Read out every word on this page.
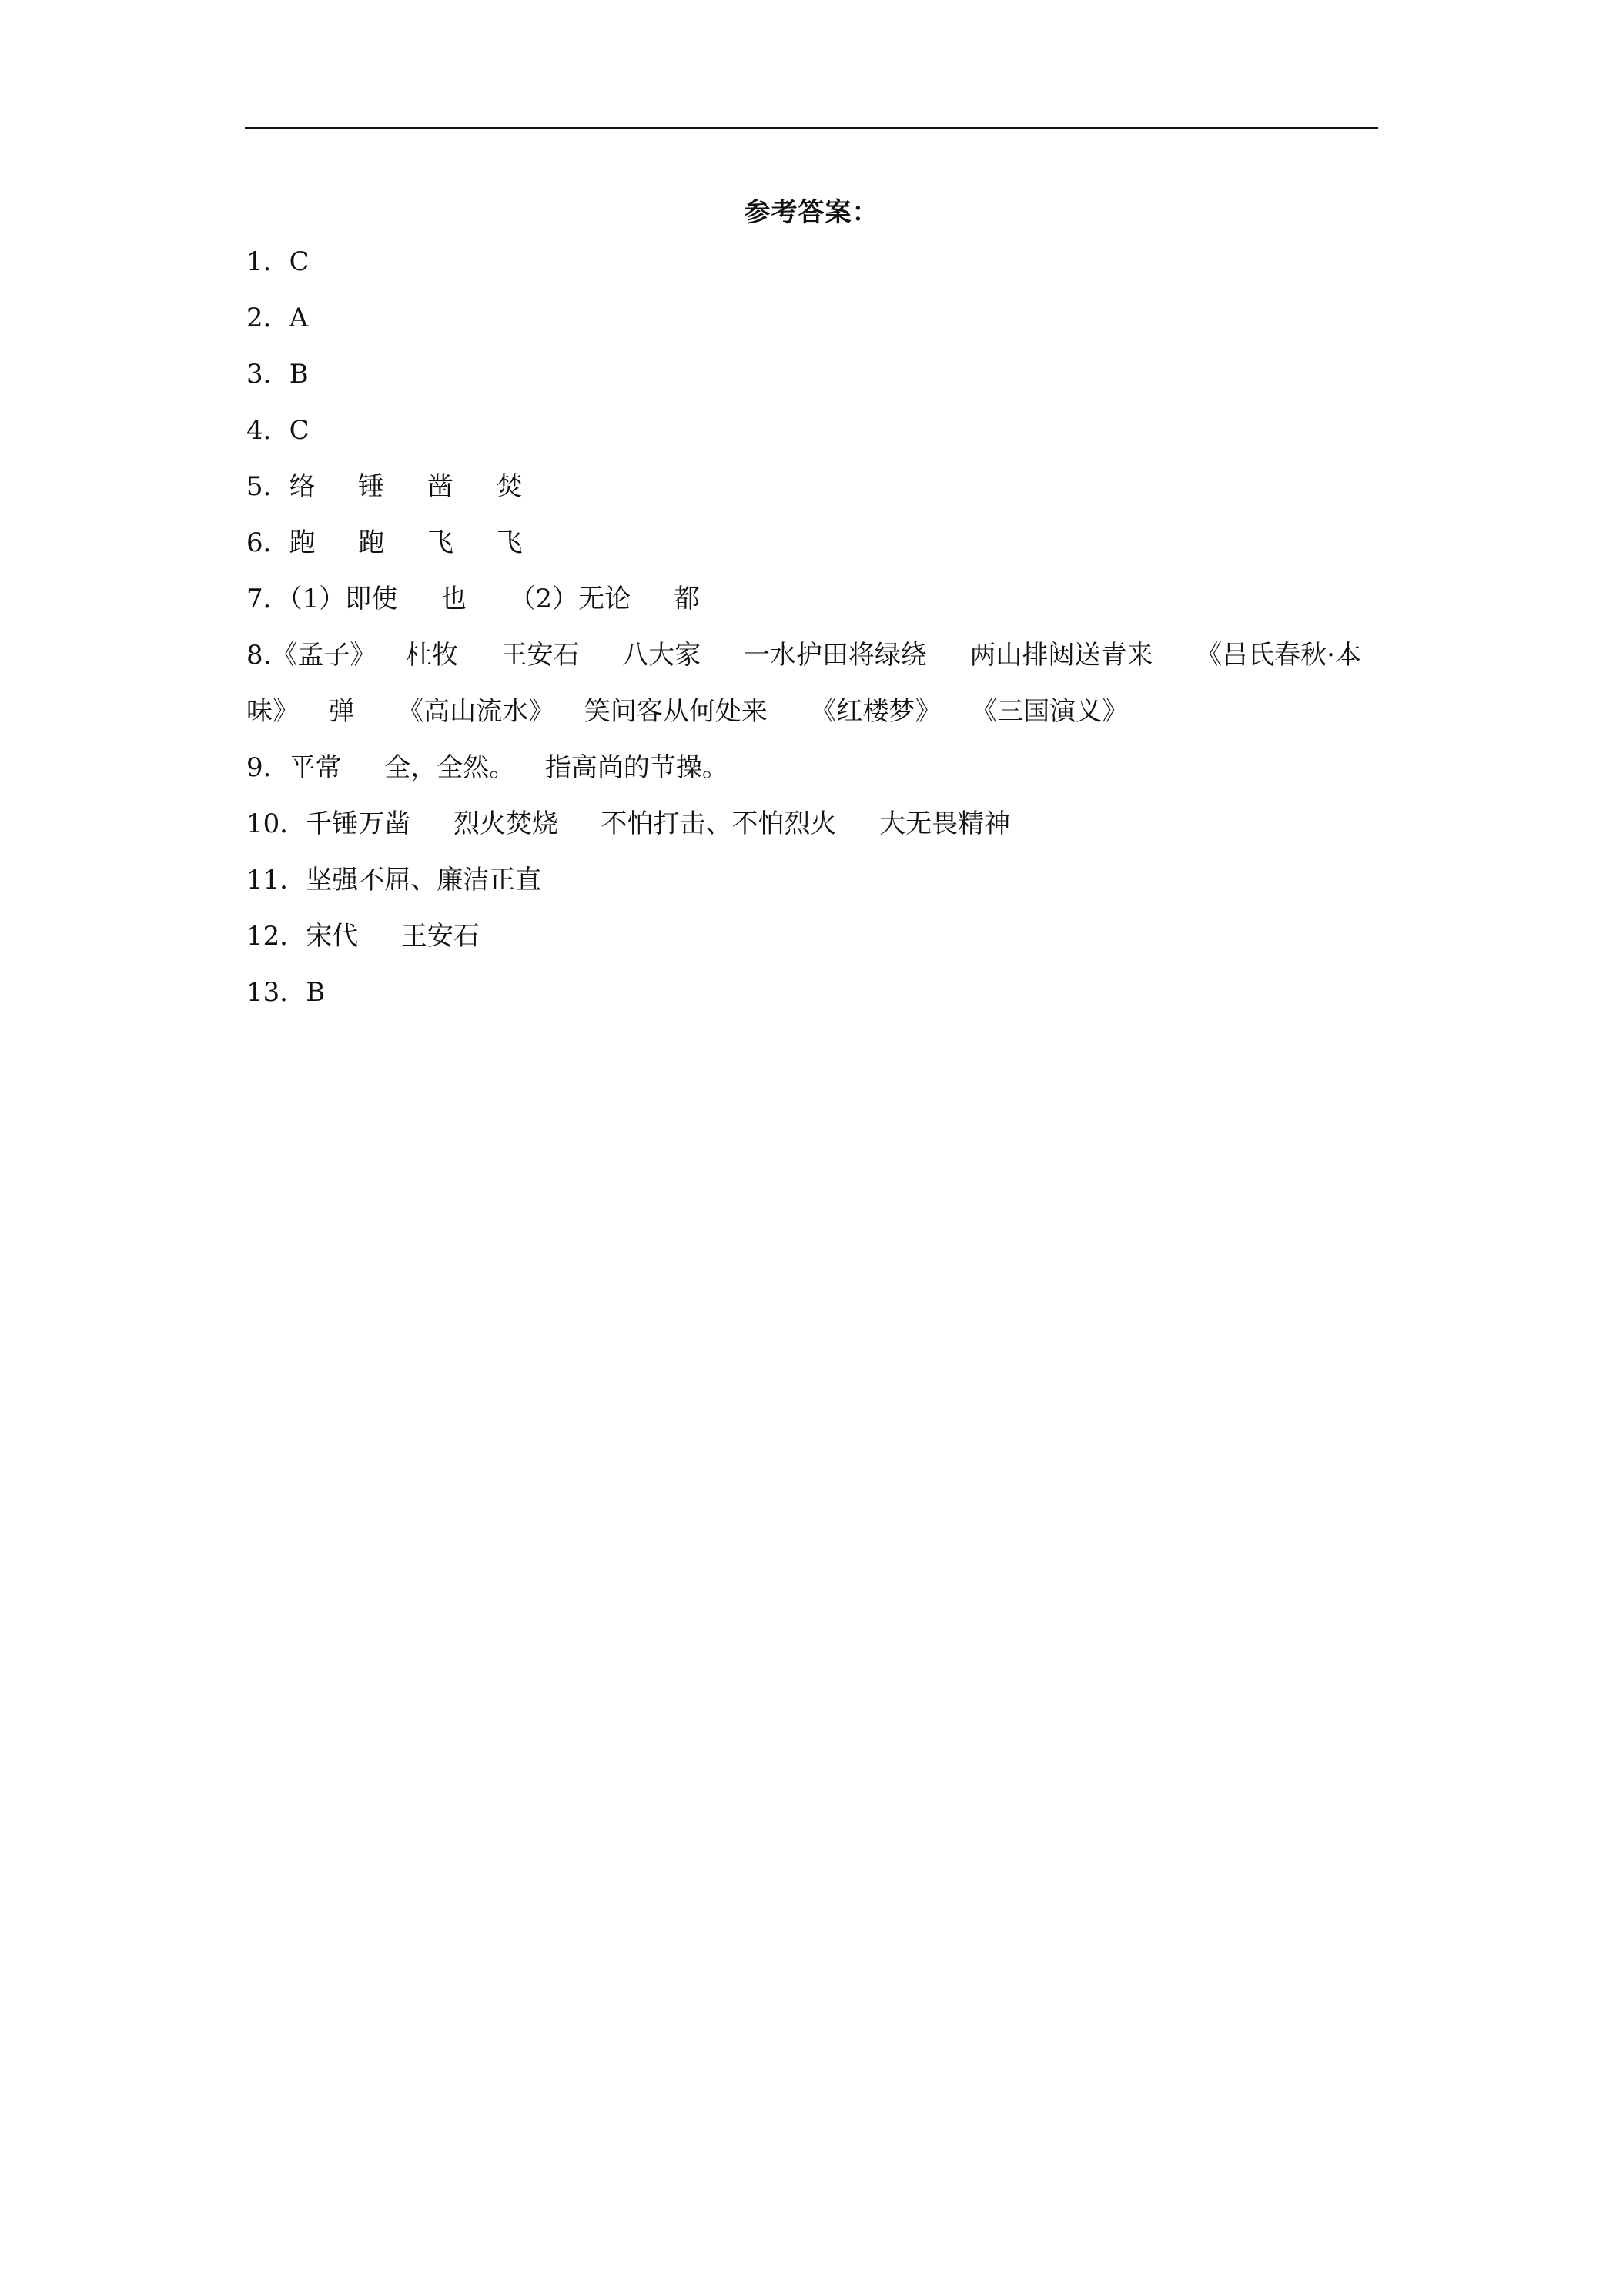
参考答案：
1．C
2．A
3．B
4．C
5．络　  锤　  凿　  焚
6．跑　  跑　  飞　  飞
7．（1）即使　  也　  （2）无论　  都
8.《孟子》　  杜牧　  王安石　  八大家　  一水护田将绿绕　  两山排闼送青来　  《吕氏春秋·本味》　  弹　  《高山流水》　  笑问客从何处来　  《红楼梦》　  《三国演义》
9．平常　  全，全然。　  指高尚的节操。
10．千锤万凿　  烈火焚烧　  不怕打击、不怕烈火　  大无畏精神
11．坚强不屈、廉洁正直
12．宋代　  王安石
13．B
